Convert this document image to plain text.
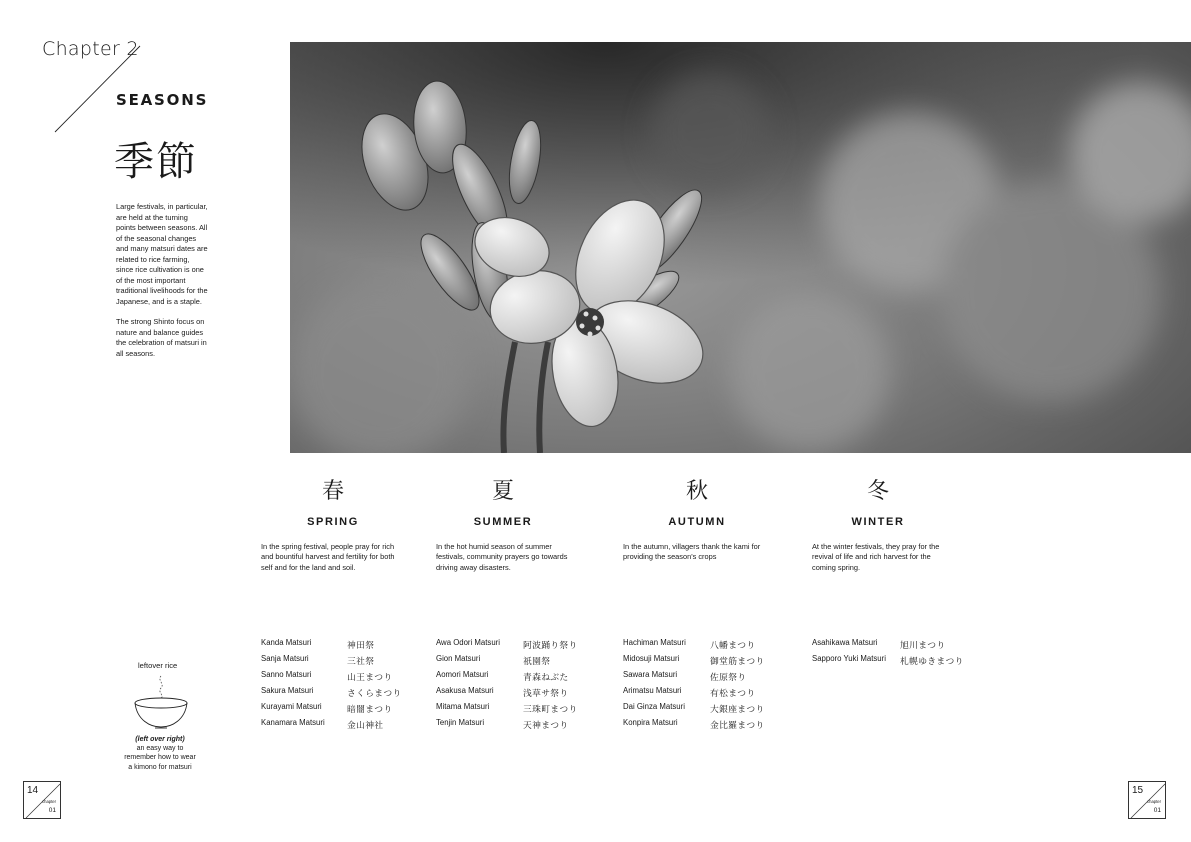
Chapter 2
SEASONS
季節

Large festivals, in particular, are held at the turning points between seasons. All of the seasonal changes and many matsuri dates are related to rice farming, since rice cultivation is one of the most important traditional livelihoods for the Japanese, and is a staple.

The strong Shinto focus on nature and balance guides the celebration of matsuri in all seasons.

春
SPRING
夏
SUMMER
秋
AUTUMN
冬
WINTER
In the spring festival, people pray for rich and bountiful harvest and fertility for both self and for the land and soil.
In the hot humid season of summer festivals, community prayers go towards driving away disasters.
In the autumn, villagers thank the kami for providing the season's crops
At the winter festivals, they pray for the revival of life and rich harvest for the coming spring.
Kanda Matsuri	神田祭
Sanja Matsuri	三社祭
Sanno Matsuri	山王まつり
Sakura Matsuri	さくらまつり
Kurayami Matsuri	暗闇まつり
Kanamara Matsuri	金山神社
Awa Odori Matsuri	阿波踊り祭り
Gion Matsuri	祇園祭
Aomori Matsuri	青森ねぶた
Asakusa Matsuri	浅草サ祭り
Mitama Matsuri	三珠町まつり
Tenjin Matsuri	天神まつり
Hachiman Matsuri	八幡まつり
Midosuji Matsuri	御堂筋まつり
Sawara Matsuri	佐原祭り
Arimatsu Matsuri	有松まつり
Dai Ginza Matsuri	大銀座まつり
Konpira Matsuri	金比羅まつり
Asahikawa Matsuri	旭川まつり
Sapporo Yuki Matsuri	札幌ゆきまつり
leftover rice
(left over right)
an easy way to remember how to wear a kimono for matsuri
14
chapter
01
15
chapter
01
